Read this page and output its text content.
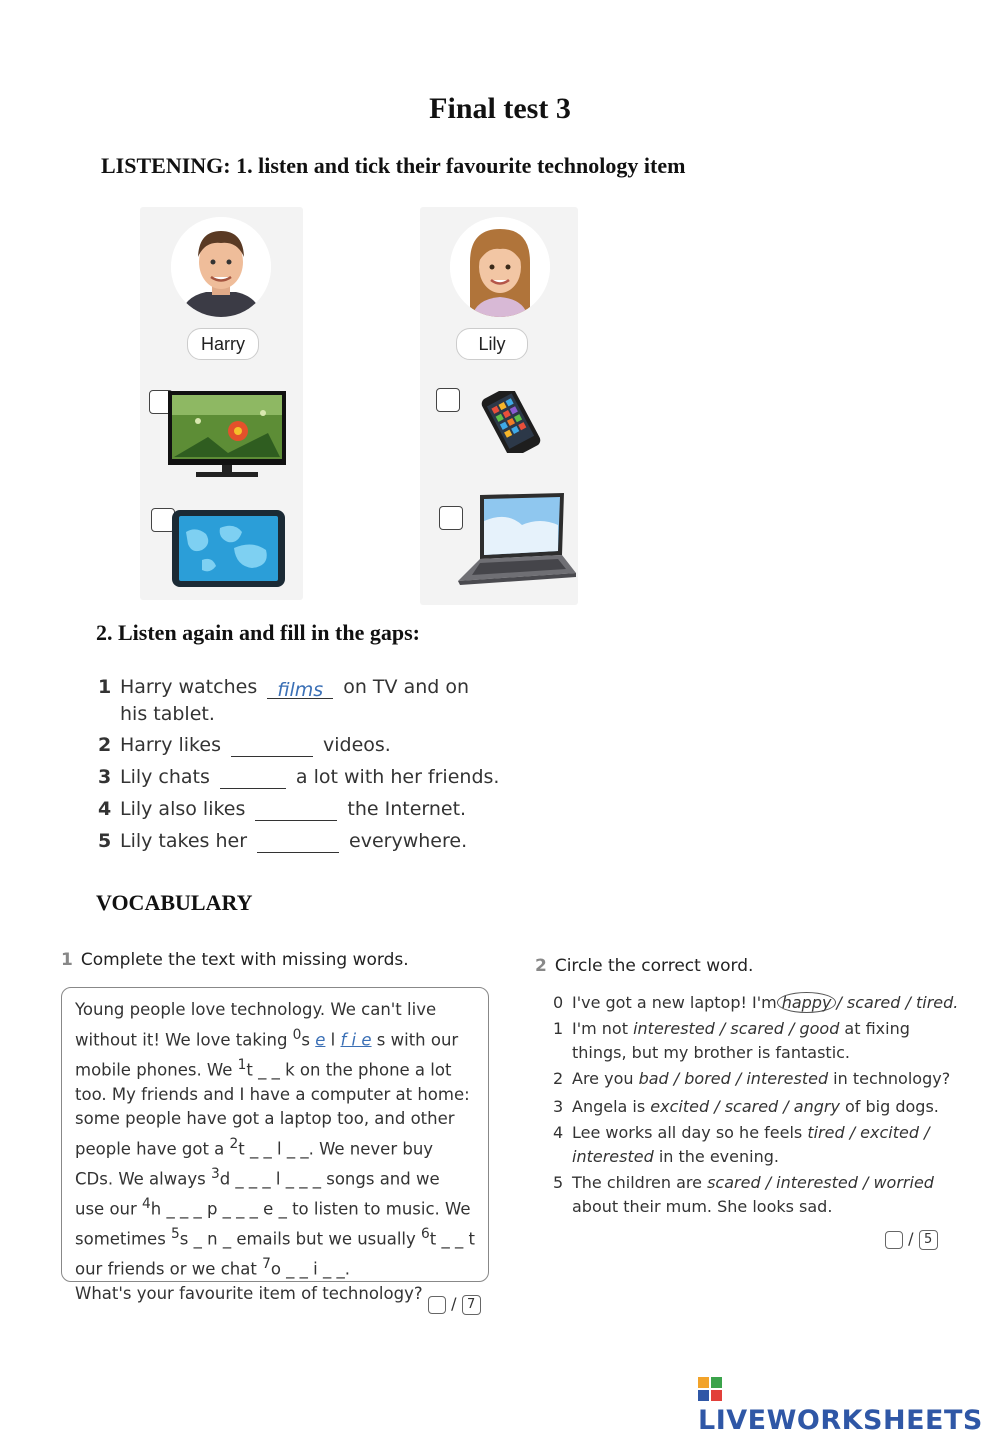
Final test 3
LISTENING: 1. listen and tick their favourite technology item
Harry	Lily
2. Listen again and fill in the gaps:
1 Harry watches films on TV and on
his tablet.
2 Harry likes	videos.
3 Lily chats	a lot with her friends.
4 Lily also likes	the Internet.
5 Lily takes her	everywhere.
VOCABULARY
1 Complete the text with missing words.
Young people love technology. We can't live
without it! We love taking $^0$s e l f i e s with our
mobile phones. We $^1$t _ _ k on the phone a lot
too. My friends and I have a computer at home:
some people have got a laptop too, and other
people have got a $^2$t _ _ l _ _. We never buy
CDs. We always $^3$d _ _ _ l _ _ _ songs and we
use our $^4$h _ _ _ p _ _ _ e _ to listen to music. We
sometimes $^5$s _ n _ emails but we usually $^6$t _ _ t
our friends or we chat $^7$o _ _ i _ _.
What's your favourite item of technology?
/ 7
2 Circle the correct word.
0 I've got a new laptop! I'm happy / scared / tired.
1 I'm not interested / scared / good at fixing
things, but my brother is fantastic.
2 Are you bad / bored / interested in technology?
3 Angela is excited / scared / angry of big dogs.
4 Lee works all day so he feels tired / excited /
interested in the evening.
5 The children are scared / interested / worried
about their mum. She looks sad.
/ 5
LIVEWORKSHEETS
